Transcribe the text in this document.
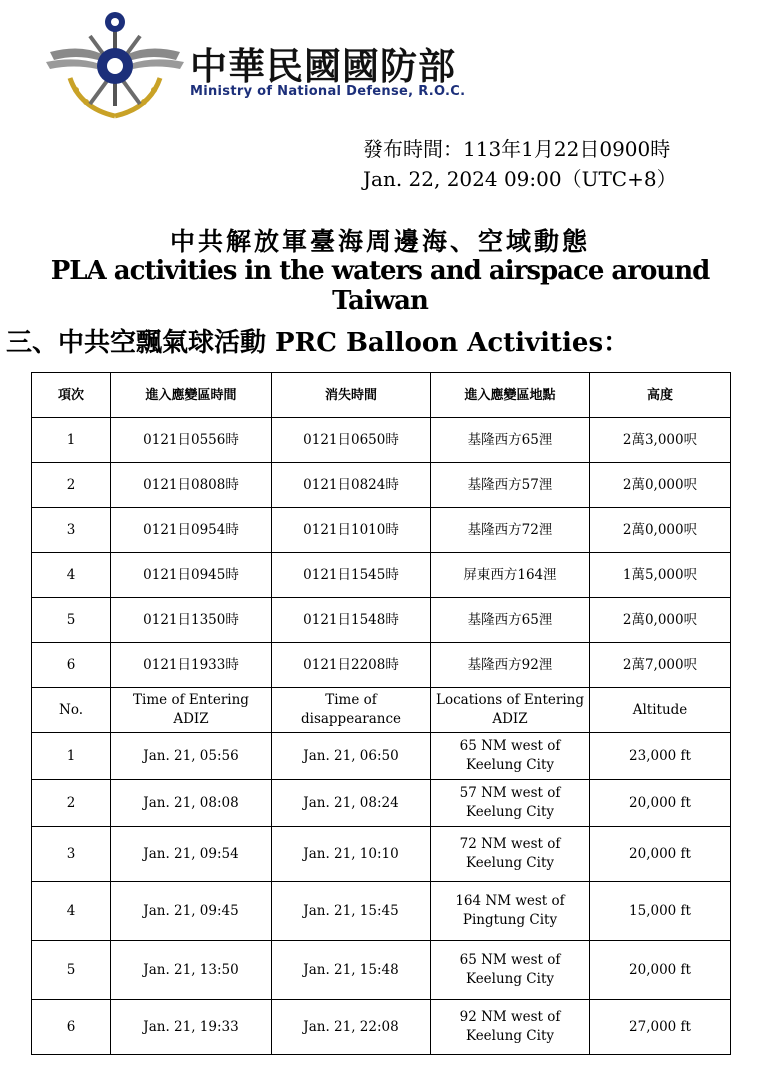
中華民國國防部
Ministry of National Defense, R.O.C.
發布時間：113年1月22日0900時
Jan. 22, 2024 09:00（UTC+8）
中共解放軍臺海周邊海、空域動態
PLA activities in the waters and airspace around Taiwan
三、中共空飄氣球活動 PRC Balloon Activities：
項次	進入應變區時間	消失時間	進入應變區地點	高度
1	0121日0556時	0121日0650時	基隆西方65浬	2萬3,000呎
2	0121日0808時	0121日0824時	基隆西方57浬	2萬0,000呎
3	0121日0954時	0121日1010時	基隆西方72浬	2萬0,000呎
4	0121日0945時	0121日1545時	屏東西方164浬	1萬5,000呎
5	0121日1350時	0121日1548時	基隆西方65浬	2萬0,000呎
6	0121日1933時	0121日2208時	基隆西方92浬	2萬7,000呎
No.	Time of Entering ADIZ	Time of disappearance	Locations of Entering ADIZ	Altitude
1	Jan. 21, 05:56	Jan. 21, 06:50	65 NM west of Keelung City	23,000 ft
2	Jan. 21, 08:08	Jan. 21, 08:24	57 NM west of Keelung City	20,000 ft
3	Jan. 21, 09:54	Jan. 21, 10:10	72 NM west of Keelung City	20,000 ft
4	Jan. 21, 09:45	Jan. 21, 15:45	164 NM west of Pingtung City	15,000 ft
5	Jan. 21, 13:50	Jan. 21, 15:48	65 NM west of Keelung City	20,000 ft
6	Jan. 21, 19:33	Jan. 21, 22:08	92 NM west of Keelung City	27,000 ft
